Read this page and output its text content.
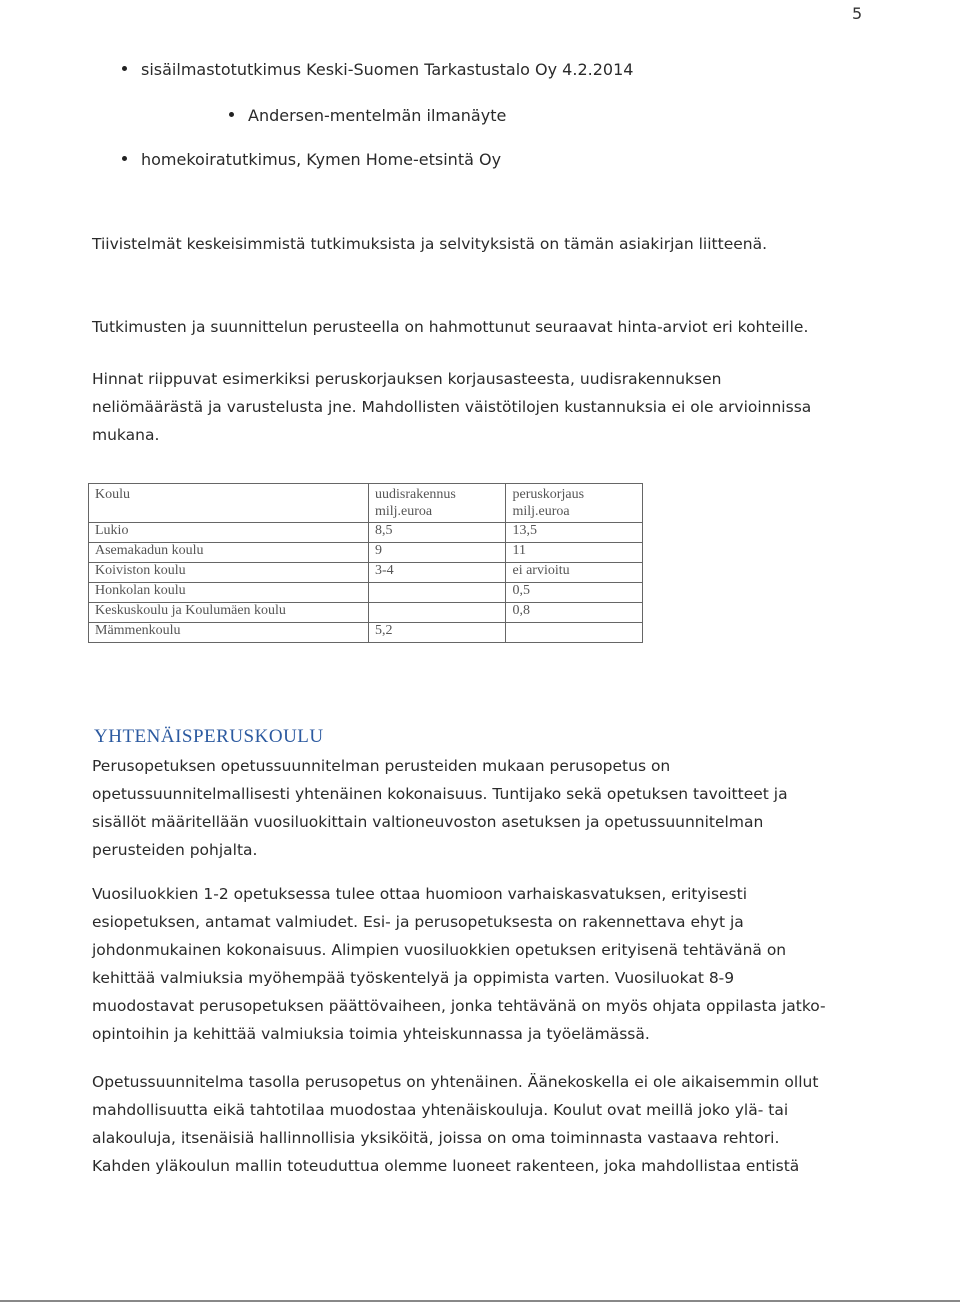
5
sisäilmastotutkimus Keski-Suomen Tarkastustalo Oy 4.2.2014
Andersen-mentelmän ilmanäyte
homekoiratutkimus, Kymen Home-etsintä Oy
Tiivistelmät keskeisimmistä tutkimuksista ja selvityksistä on tämän asiakirjan liitteenä.
Tutkimusten ja suunnittelun perusteella on hahmottunut seuraavat hinta-arviot eri kohteille.
Hinnat riippuvat esimerkiksi peruskorjauksen korjausasteesta, uudisrakennuksen
neliömäärästä ja varustelusta jne. Mahdollisten väistötilojen kustannuksia ei ole arvioinnissa
mukana.
Koulu	uudisrakennus milj.euroa	peruskorjaus milj.euroa
Lukio	8,5	13,5
Asemakadun koulu	9	11
Koiviston koulu	3-4	ei arvioitu
Honkolan koulu		0,5
Keskuskoulu ja Koulumäen koulu		0,8
Mämmenkoulu	5,2	
YHTENÄISPERUSKOULU
Perusopetuksen opetussuunnitelman perusteiden mukaan perusopetus on
opetussuunnitelmallisesti yhtenäinen kokonaisuus. Tuntijako sekä opetuksen tavoitteet ja
sisällöt määritellään vuosiluokittain valtioneuvoston asetuksen ja opetussuunnitelman
perusteiden pohjalta.
Vuosiluokkien 1-2 opetuksessa tulee ottaa huomioon varhaiskasvatuksen, erityisesti
esiopetuksen, antamat valmiudet. Esi- ja perusopetuksesta on rakennettava ehyt ja
johdonmukainen kokonaisuus. Alimpien vuosiluokkien opetuksen erityisenä tehtävänä on
kehittää valmiuksia myöhempää työskentelyä ja oppimista varten. Vuosiluokat 8-9
muodostavat perusopetuksen päättövaiheen, jonka tehtävänä on myös ohjata oppilasta jatko-
opintoihin ja kehittää valmiuksia toimia yhteiskunnassa ja työelämässä.
Opetussuunnitelma tasolla perusopetus on yhtenäinen. Äänekoskella ei ole aikaisemmin ollut
mahdollisuutta eikä tahtotilaa muodostaa yhtenäiskouluja. Koulut ovat meillä joko ylä- tai
alakouluja, itsenäisiä hallinnollisia yksiköitä, joissa on oma toiminnasta vastaava rehtori.
Kahden yläkoulun mallin toteuduttua olemme luoneet rakenteen, joka mahdollistaa entistä
